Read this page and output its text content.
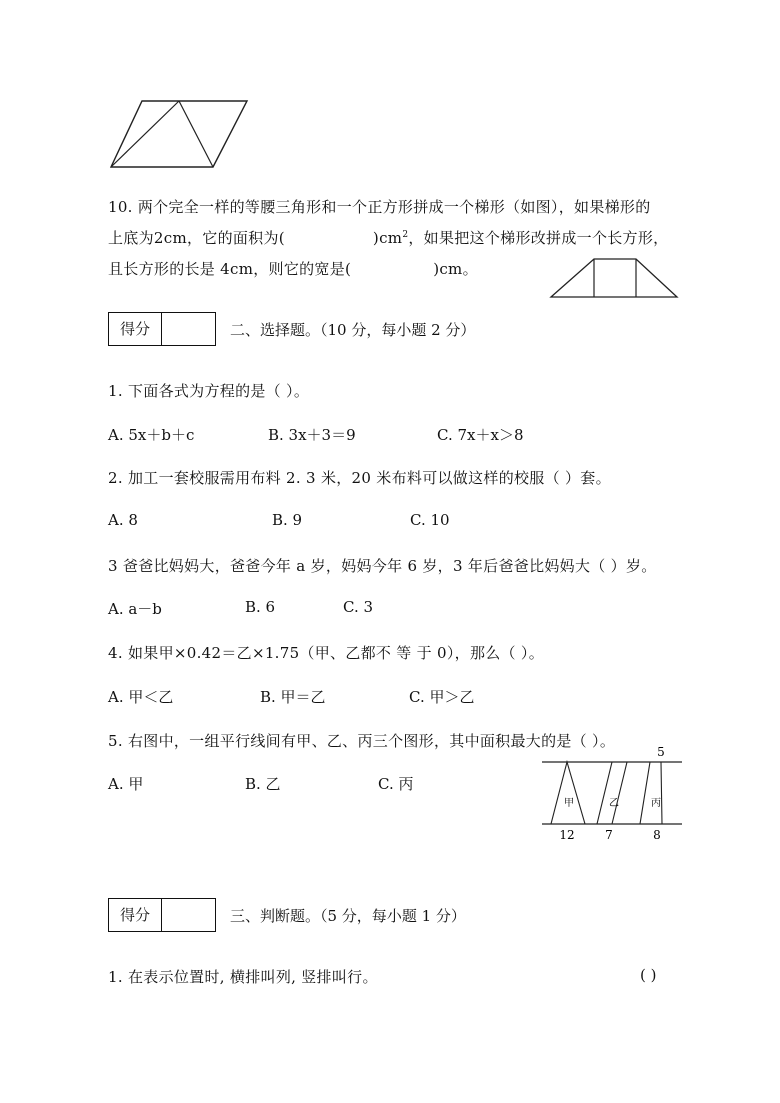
10. 两个完全一样的等腰三角形和一个正方形拼成一个梯形（如图），如果梯形的
上底为2cm，它的面积为(	)$cm^2$，如果把这个梯形改拼成一个长方形，
且长方形的长是 4cm，则它的宽是(	)cm。
得分	二、选择题。（10 分，每小题 2 分）
1. 下面各式为方程的是（ ）。
A. 5x＋b＋c	B. 3x＋3＝9	C. 7x＋x＞8
2. 加工一套校服需用布料 2. 3 米，20 米布料可以做这样的校服（ ）套。
A. 8	B. 9	C. 10
3 爸爸比妈妈大，爸爸今年 a 岁，妈妈今年 6 岁，3 年后爸爸比妈妈大（ ）岁。
A. a－b	B. 6	C. 3
4. 如果甲×0.42＝乙×1.75（甲、乙都不 等 于 0），那么（ ）。
A. 甲＜乙	B. 甲＝乙	C. 甲＞乙
5. 右图中，一组平行线间有甲、乙、丙三个图形，其中面积最大的是（ ）。
A. 甲	B. 乙	C. 丙
5
甲	乙	丙
12	7	8
得分	三、判断题。（5 分，每小题 1 分）
1. 在表示位置时, 横排叫列, 竖排叫行。	( )
